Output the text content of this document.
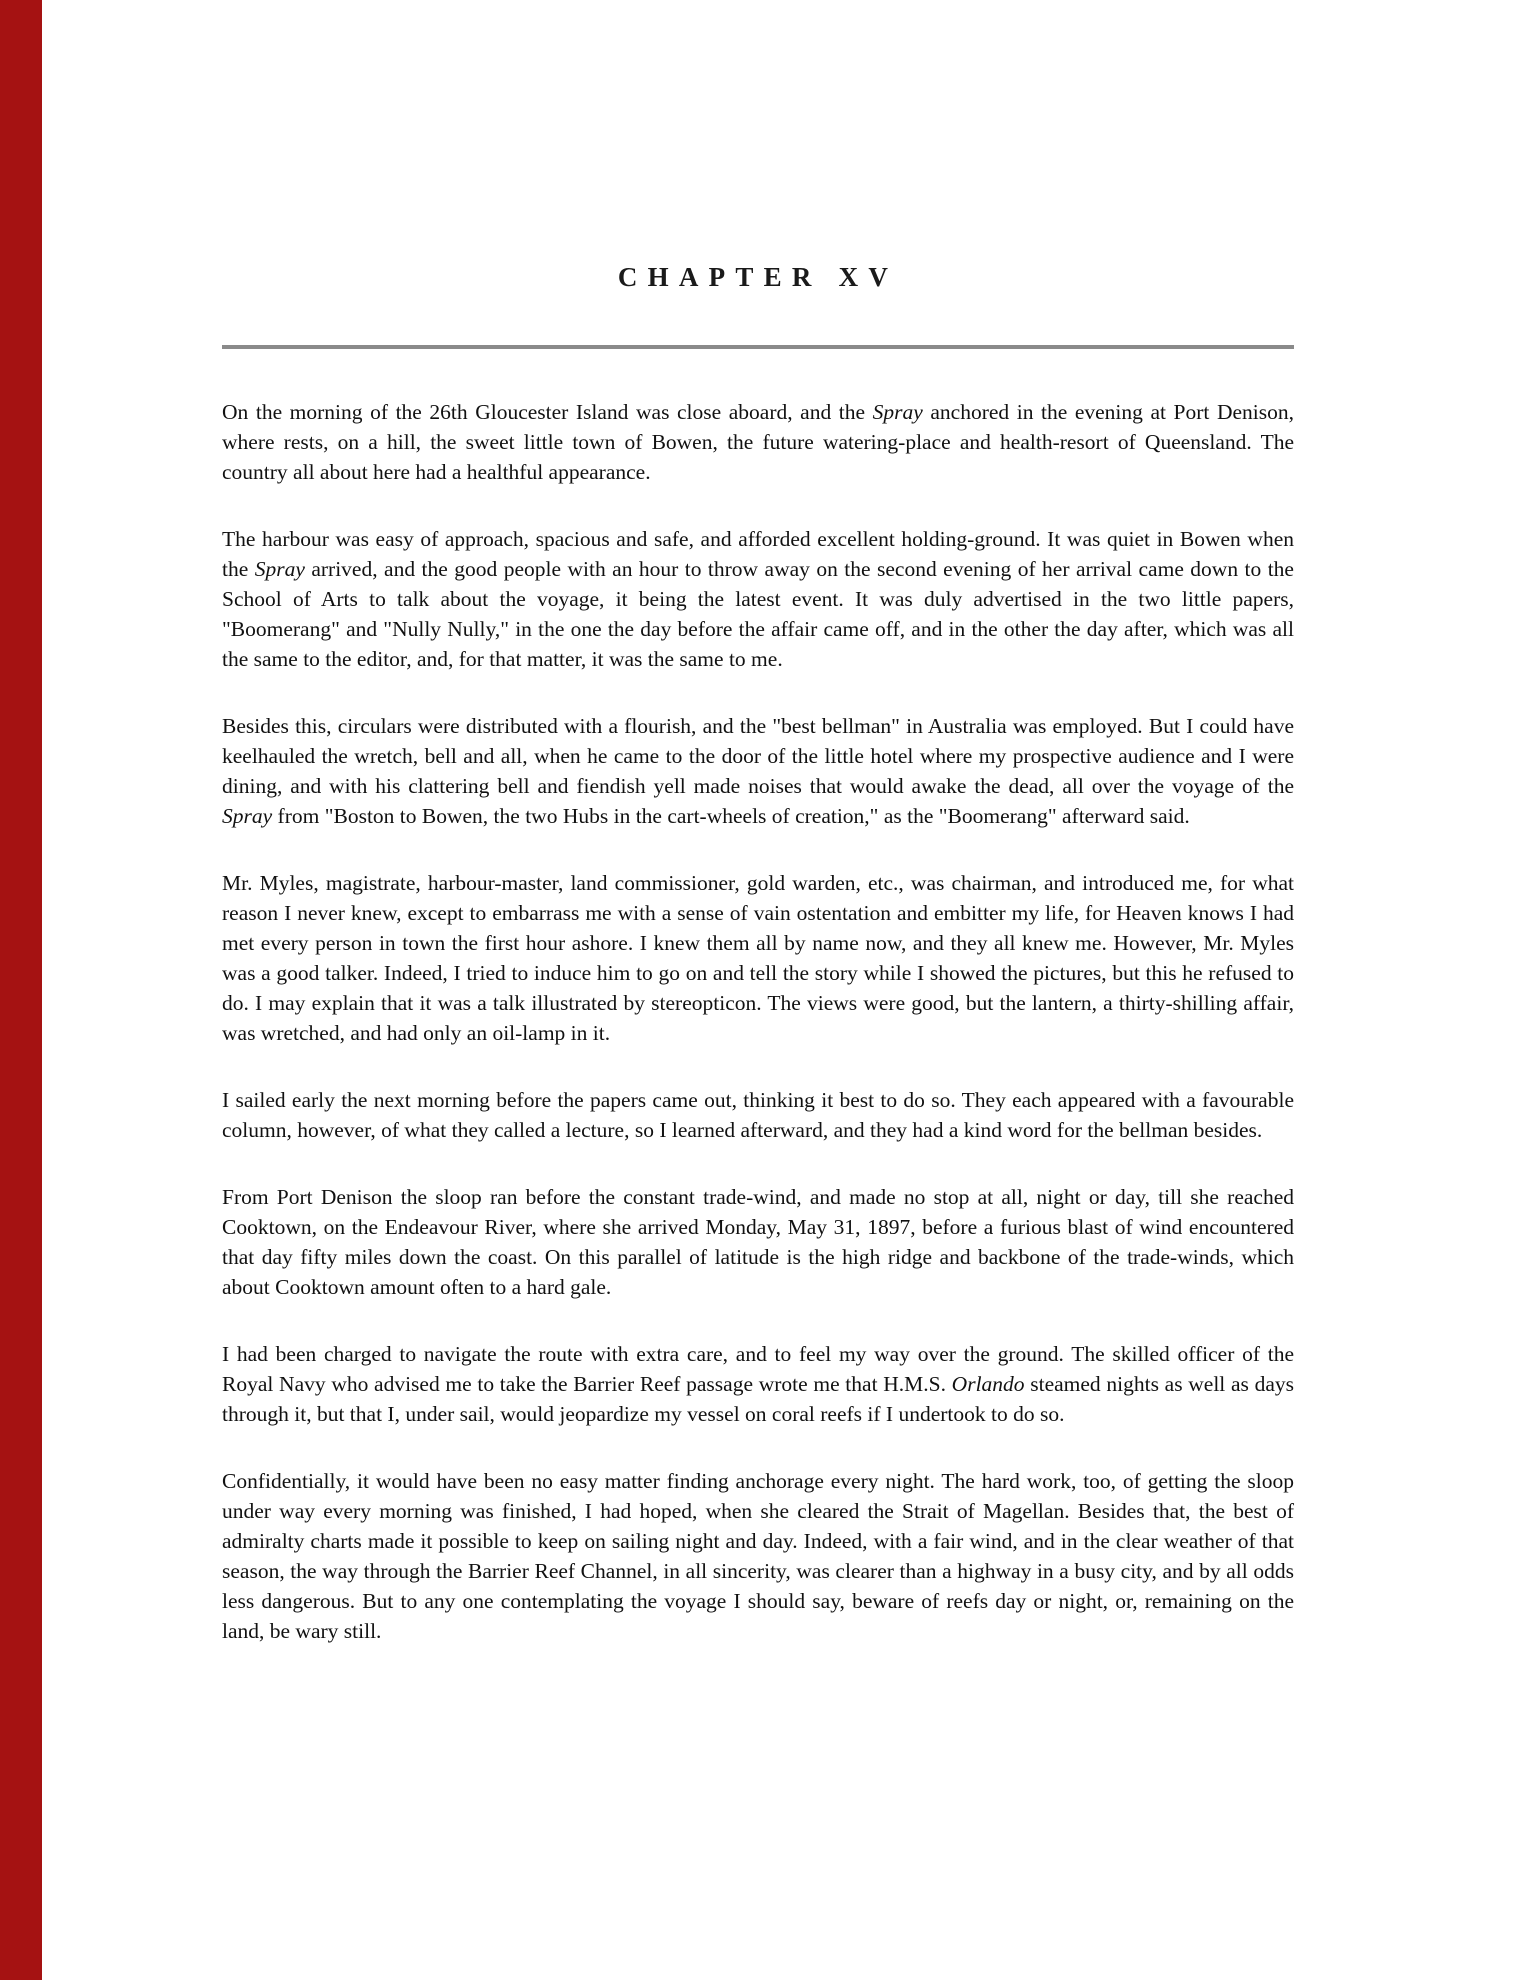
CHAPTER XV

On the morning of the 26th Gloucester Island was close aboard, and the Spray anchored in the evening at Port Denison, where rests, on a hill, the sweet little town of Bowen, the future watering-place and health-resort of Queensland. The country all about here had a healthful appearance.

The harbour was easy of approach, spacious and safe, and afforded excellent holding-ground. It was quiet in Bowen when the Spray arrived, and the good people with an hour to throw away on the second evening of her arrival came down to the School of Arts to talk about the voyage, it being the latest event. It was duly advertised in the two little papers, "Boomerang" and "Nully Nully," in the one the day before the affair came off, and in the other the day after, which was all the same to the editor, and, for that matter, it was the same to me.

Besides this, circulars were distributed with a flourish, and the "best bellman" in Australia was employed. But I could have keelhauled the wretch, bell and all, when he came to the door of the little hotel where my prospective audience and I were dining, and with his clattering bell and fiendish yell made noises that would awake the dead, all over the voyage of the Spray from "Boston to Bowen, the two Hubs in the cart-wheels of creation," as the "Boomerang" afterward said.

Mr. Myles, magistrate, harbour-master, land commissioner, gold warden, etc., was chairman, and introduced me, for what reason I never knew, except to embarrass me with a sense of vain ostentation and embitter my life, for Heaven knows I had met every person in town the first hour ashore. I knew them all by name now, and they all knew me. However, Mr. Myles was a good talker. Indeed, I tried to induce him to go on and tell the story while I showed the pictures, but this he refused to do. I may explain that it was a talk illustrated by stereopticon. The views were good, but the lantern, a thirty-shilling affair, was wretched, and had only an oil-lamp in it.

I sailed early the next morning before the papers came out, thinking it best to do so. They each appeared with a favourable column, however, of what they called a lecture, so I learned afterward, and they had a kind word for the bellman besides.

From Port Denison the sloop ran before the constant trade-wind, and made no stop at all, night or day, till she reached Cooktown, on the Endeavour River, where she arrived Monday, May 31, 1897, before a furious blast of wind encountered that day fifty miles down the coast. On this parallel of latitude is the high ridge and backbone of the trade-winds, which about Cooktown amount often to a hard gale.

I had been charged to navigate the route with extra care, and to feel my way over the ground. The skilled officer of the Royal Navy who advised me to take the Barrier Reef passage wrote me that H.M.S. Orlando steamed nights as well as days through it, but that I, under sail, would jeopardize my vessel on coral reefs if I undertook to do so.

Confidentially, it would have been no easy matter finding anchorage every night. The hard work, too, of getting the sloop under way every morning was finished, I had hoped, when she cleared the Strait of Magellan. Besides that, the best of admiralty charts made it possible to keep on sailing night and day. Indeed, with a fair wind, and in the clear weather of that season, the way through the Barrier Reef Channel, in all sincerity, was clearer than a highway in a busy city, and by all odds less dangerous. But to any one contemplating the voyage I should say, beware of reefs day or night, or, remaining on the land, be wary still.
